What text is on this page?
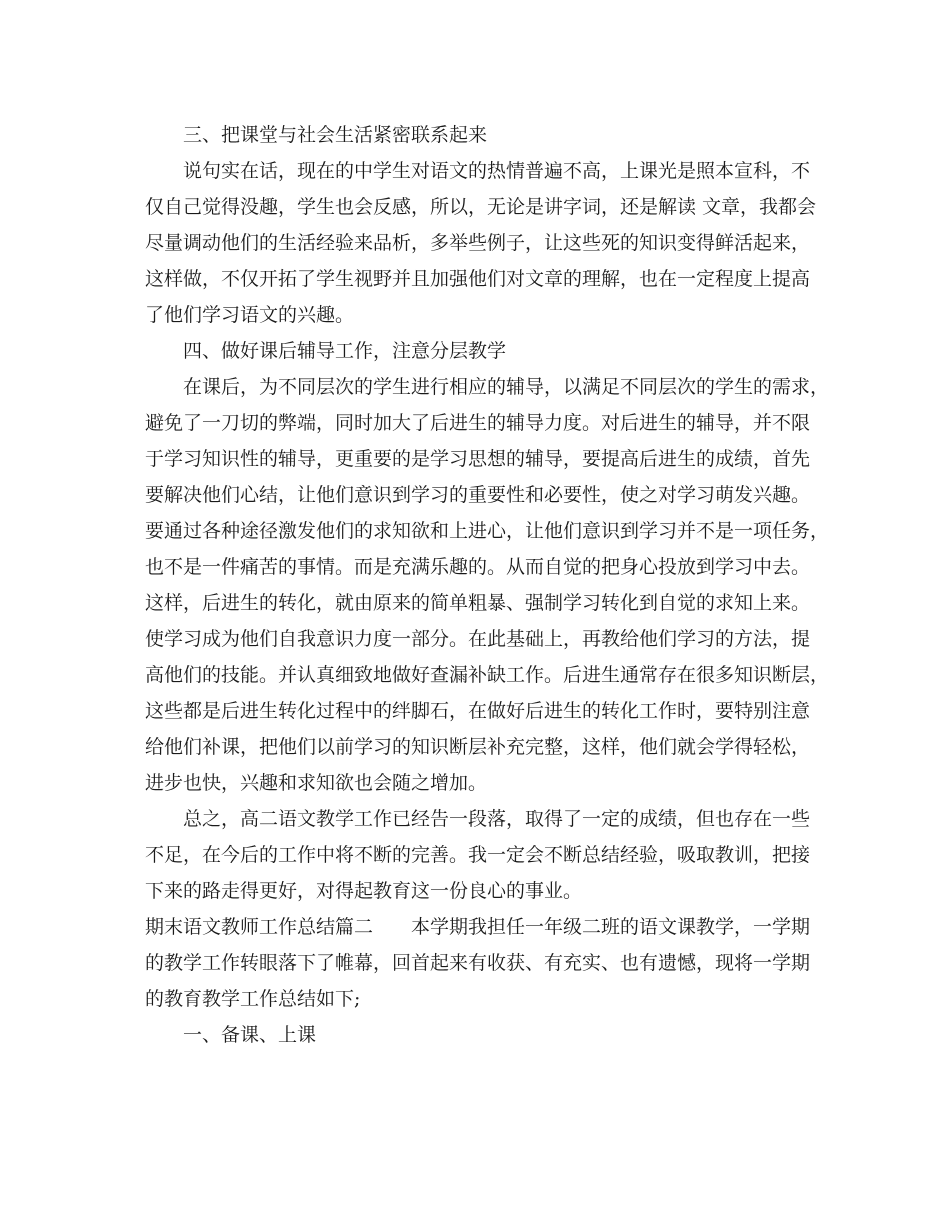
三、把课堂与社会生活紧密联系起来
说句实在话，现在的中学生对语文的热情普遍不高，上课光是照本宣科，不
仅自己觉得没趣，学生也会反感，所以，无论是讲字词，还是解读 文章，我都会
尽量调动他们的生活经验来品析，多举些例子，让这些死的知识变得鲜活起来，
这样做，不仅开拓了学生视野并且加强他们对文章的理解，也在一定程度上提高
了他们学习语文的兴趣。
四、做好课后辅导工作，注意分层教学
在课后，为不同层次的学生进行相应的辅导，以满足不同层次的学生的需求，
避免了一刀切的弊端，同时加大了后进生的辅导力度。对后进生的辅导，并不限
于学习知识性的辅导，更重要的是学习思想的辅导，要提高后进生的成绩，首先
要解决他们心结，让他们意识到学习的重要性和必要性，使之对学习萌发兴趣。
要通过各种途径激发他们的求知欲和上进心，让他们意识到学习并不是一项任务，
也不是一件痛苦的事情。而是充满乐趣的。从而自觉的把身心投放到学习中去。
这样，后进生的转化，就由原来的简单粗暴、强制学习转化到自觉的求知上来。
使学习成为他们自我意识力度一部分。在此基础上，再教给他们学习的方法，提
高他们的技能。并认真细致地做好查漏补缺工作。后进生通常存在很多知识断层，
这些都是后进生转化过程中的绊脚石，在做好后进生的转化工作时，要特别注意
给他们补课，把他们以前学习的知识断层补充完整，这样，他们就会学得轻松，
进步也快，兴趣和求知欲也会随之增加。
总之，高二语文教学工作已经告一段落，取得了一定的成绩，但也存在一些
不足，在今后的工作中将不断的完善。我一定会不断总结经验，吸取教训，把接
下来的路走得更好，对得起教育这一份良心的事业。
期末语文教师工作总结篇二　　本学期我担任一年级二班的语文课教学，一学期
的教学工作转眼落下了帷幕，回首起来有收获、有充实、也有遗憾，现将一学期
的教育教学工作总结如下;
一、备课、上课
